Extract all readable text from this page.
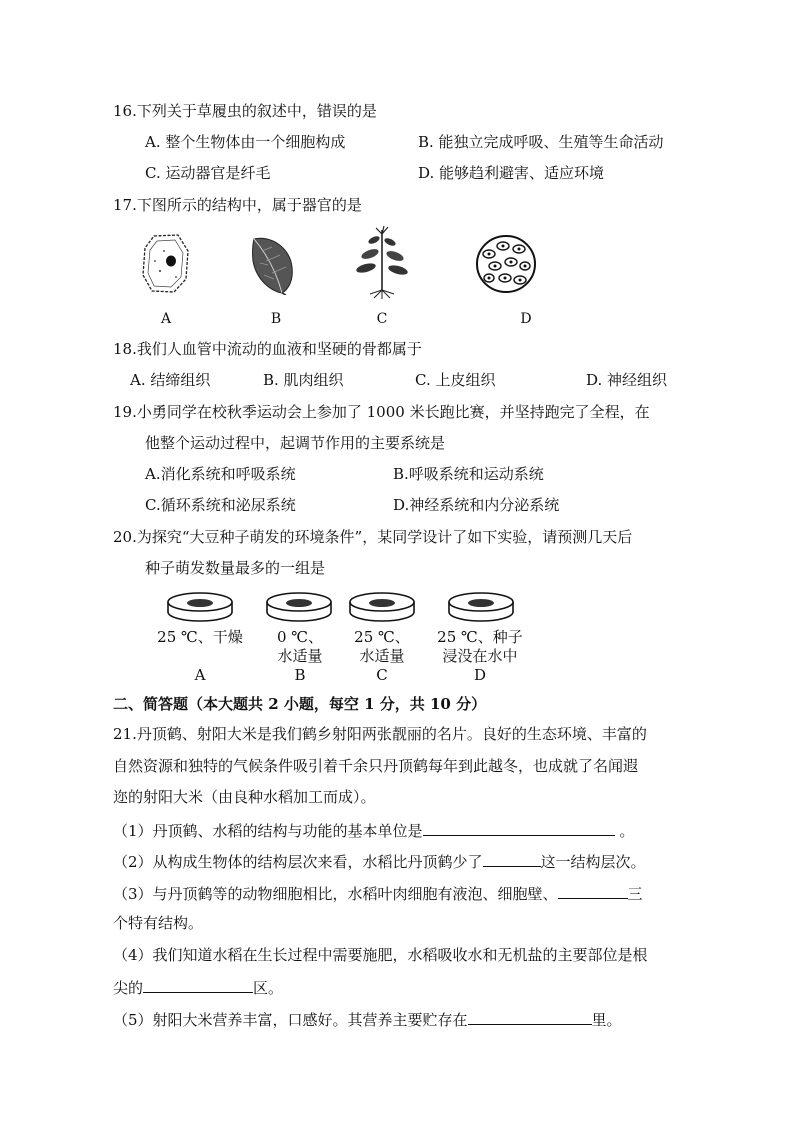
16.下列关于草履虫的叙述中，错误的是
A. 整个生物体由一个细胞构成	B. 能独立完成呼吸、生殖等生命活动
C. 运动器官是纤毛	D. 能够趋利避害、适应环境
17.下图所示的结构中，属于器官的是
A	B	C	D
18.我们人血管中流动的血液和坚硬的骨都属于
A. 结缔组织	B. 肌肉组织	C. 上皮组织	D. 神经组织
19.小勇同学在校秋季运动会上参加了 1000 米长跑比赛，并坚持跑完了全程，在
他整个运动过程中，起调节作用的主要系统是
A.消化系统和呼吸系统	B.呼吸系统和运动系统
C.循环系统和泌尿系统	D.神经系统和内分泌系统
20.为探究“大豆种子萌发的环境条件”，某同学设计了如下实验，请预测几天后
种子萌发数量最多的一组是
25 ℃、干燥
A
0 ℃、
水适量
B
25 ℃、
水适量
C
25 ℃、种子
浸没在水中
D
二、简答题（本大题共 2 小题，每空 1 分，共 10 分）
21.丹顶鹤、射阳大米是我们鹤乡射阳两张靓丽的名片。良好的生态环境、丰富的
自然资源和独特的气候条件吸引着千余只丹顶鹤每年到此越冬，也成就了名闻遐
迩的射阳大米（由良种水稻加工而成）。
（1）丹顶鹤、水稻的结构与功能的基本单位是	。
（2）从构成生物体的结构层次来看，水稻比丹顶鹤少了	这一结构层次。
（3）与丹顶鹤等的动物细胞相比，水稻叶肉细胞有液泡、细胞壁、	三
个特有结构。
（4）我们知道水稻在生长过程中需要施肥，水稻吸收水和无机盐的主要部位是根
尖的	区。
（5）射阳大米营养丰富，口感好。其营养主要贮存在	里。
